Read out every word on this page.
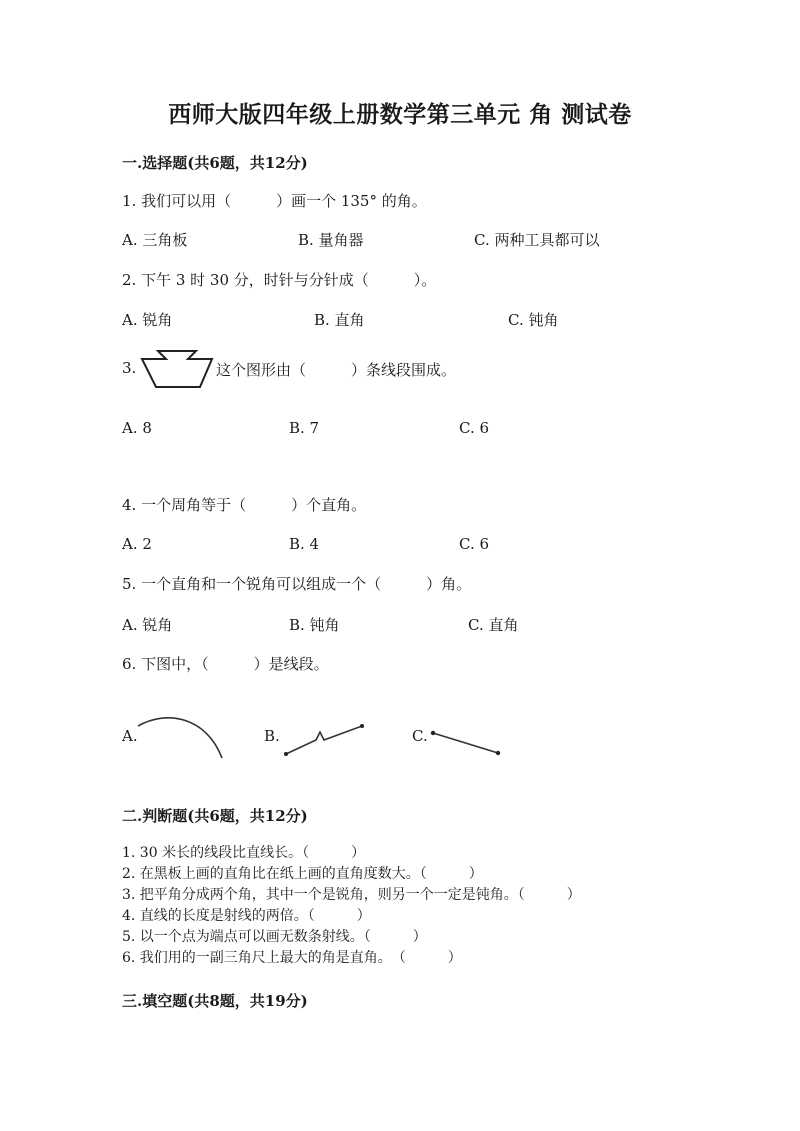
西师大版四年级上册数学第三单元 角 测试卷
一.选择题(共6题，共12分)
1. 我们可以用（　　　）画一个 135° 的角。
A. 三角板	B. 量角器	C. 两种工具都可以
2. 下午 3 时 30 分，时针与分针成（　　　）。
A. 锐角	B. 直角	C. 钝角
3.	这个图形由（　　　）条线段围成。
A. 8	B. 7	C. 6
4. 一个周角等于（　　　）个直角。
A. 2	B. 4	C. 6
5. 一个直角和一个锐角可以组成一个（　　　）角。
A. 锐角	B. 钝角	C. 直角
6. 下图中，（　　　）是线段。
A.	B.	C.
二.判断题(共6题，共12分)
1. 30 米长的线段比直线长。（　　　）
2. 在黑板上画的直角比在纸上画的直角度数大。（　　　）
3. 把平角分成两个角，其中一个是锐角，则另一个一定是钝角。（　　　）
4. 直线的长度是射线的两倍。（　　　）
5. 以一个点为端点可以画无数条射线。（　　　）
6. 我们用的一副三角尺上最大的角是直角。　（　　　）
三.填空题(共8题，共19分)
